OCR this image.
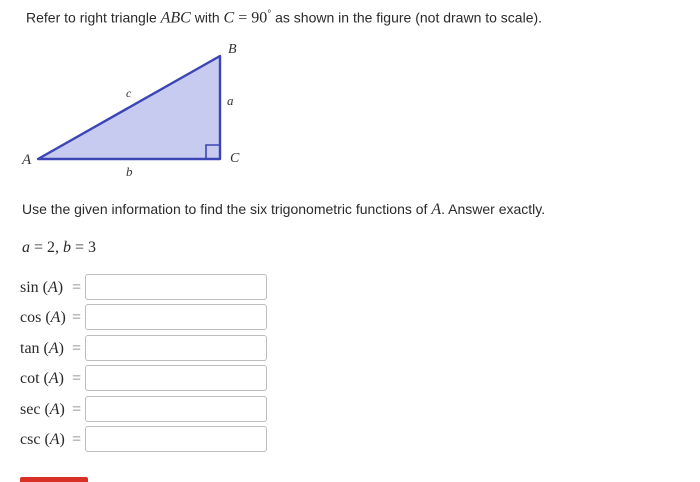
Refer to right triangle ABC with C = 90° as shown in the figure (not drawn to scale).
A
B
C
a
b
c
Use the given information to find the six trigonometric functions of A. Answer exactly.
a = 2, b = 3
sin (A) =
cos (A) =
tan (A) =
cot (A) =
sec (A) =
csc (A) =
